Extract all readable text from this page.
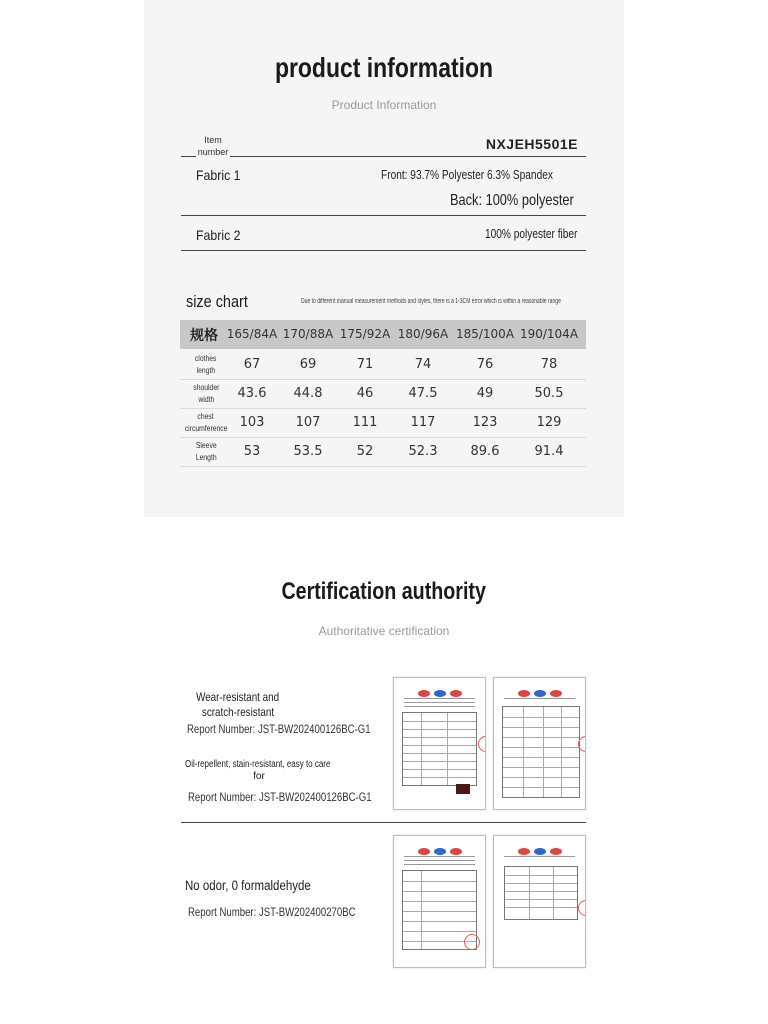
product information
Product Information
Item
number	NXJEH5501E
Fabric 1	Front: 93.7% Polyester 6.3% Spandex
Back: 100% polyester
Fabric 2	100% polyester fiber
size chart	Due to different manual measurement methods and styles, there is a 1-3CM error which is within a reasonable range
规格 165/84A 170/88A 175/92A 180/96A 185/100A 190/104A
clothes
length	67	69	71	74	76	78
shoulder
width	43.6	44.8	46	47.5	49	50.5
chest
circumference 103	107	111	117	123	129
Sleeve
Length	53	53.5	52	52.3	89.6	91.4
Certification authority
Authoritative certification
Wear-resistant and
scratch-resistant
Report Number: JST-BW202400126BC-G1
Oil-repellent, stain-resistant, easy to care
for
Report Number: JST-BW202400126BC-G1
No odor, 0 formaldehyde
Report Number: JST-BW202400270BC
